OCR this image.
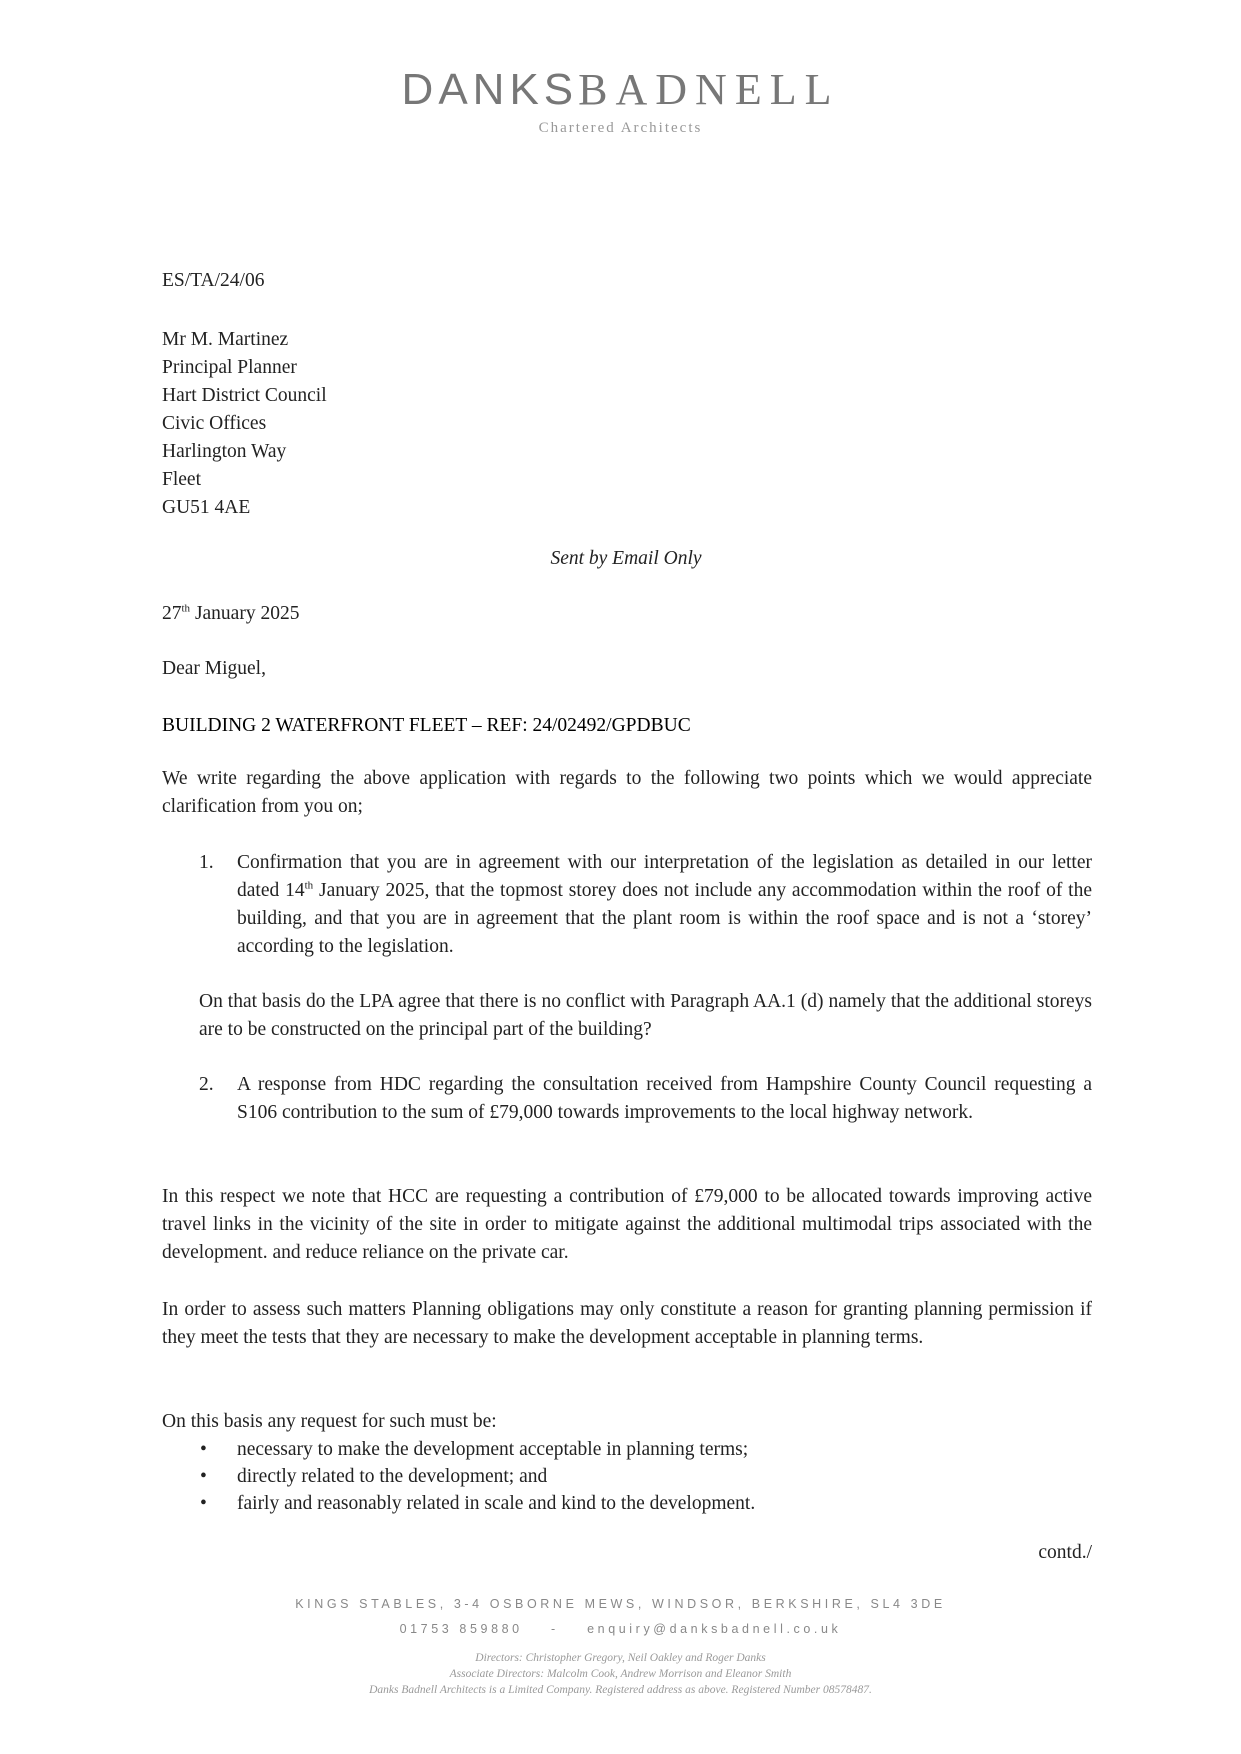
DANKSBADNELL
Chartered Architects
ES/TA/24/06
Mr M. Martinez
Principal Planner
Hart District Council
Civic Offices
Harlington Way
Fleet
GU51 4AE
Sent by Email Only
27th January 2025
Dear Miguel,
BUILDING 2 WATERFRONT FLEET – REF: 24/02492/GPDBUC
We write regarding the above application with regards to the following two points which we would appreciate clarification from you on;
1.	Confirmation that you are in agreement with our interpretation of the legislation as detailed in our letter dated 14th January 2025, that the topmost storey does not include any accommodation within the roof of the building, and that you are in agreement that the plant room is within the roof space and is not a ‘storey’ according to the legislation.
On that basis do the LPA agree that there is no conflict with Paragraph AA.1 (d) namely that the additional storeys are to be constructed on the principal part of the building?
2.	A response from HDC regarding the consultation received from Hampshire County Council requesting a S106 contribution to the sum of £79,000 towards improvements to the local highway network.
In this respect we note that HCC are requesting a contribution of £79,000 to be allocated towards improving active travel links in the vicinity of the site in order to mitigate against the additional multimodal trips associated with the development. and reduce reliance on the private car.
In order to assess such matters Planning obligations may only constitute a reason for granting planning permission if they meet the tests that they are necessary to make the development acceptable in planning terms.
On this basis any request for such must be:
•	necessary to make the development acceptable in planning terms;
•	directly related to the development; and
•	fairly and reasonably related in scale and kind to the development.
contd./
KINGS STABLES, 3-4 OSBORNE MEWS, WINDSOR, BERKSHIRE, SL4 3DE
01753 859880 - enquiry@danksbadnell.co.uk
Directors: Christopher Gregory, Neil Oakley and Roger Danks
Associate Directors: Malcolm Cook, Andrew Morrison and Eleanor Smith
Danks Badnell Architects is a Limited Company. Registered address as above. Registered Number 08578487.
